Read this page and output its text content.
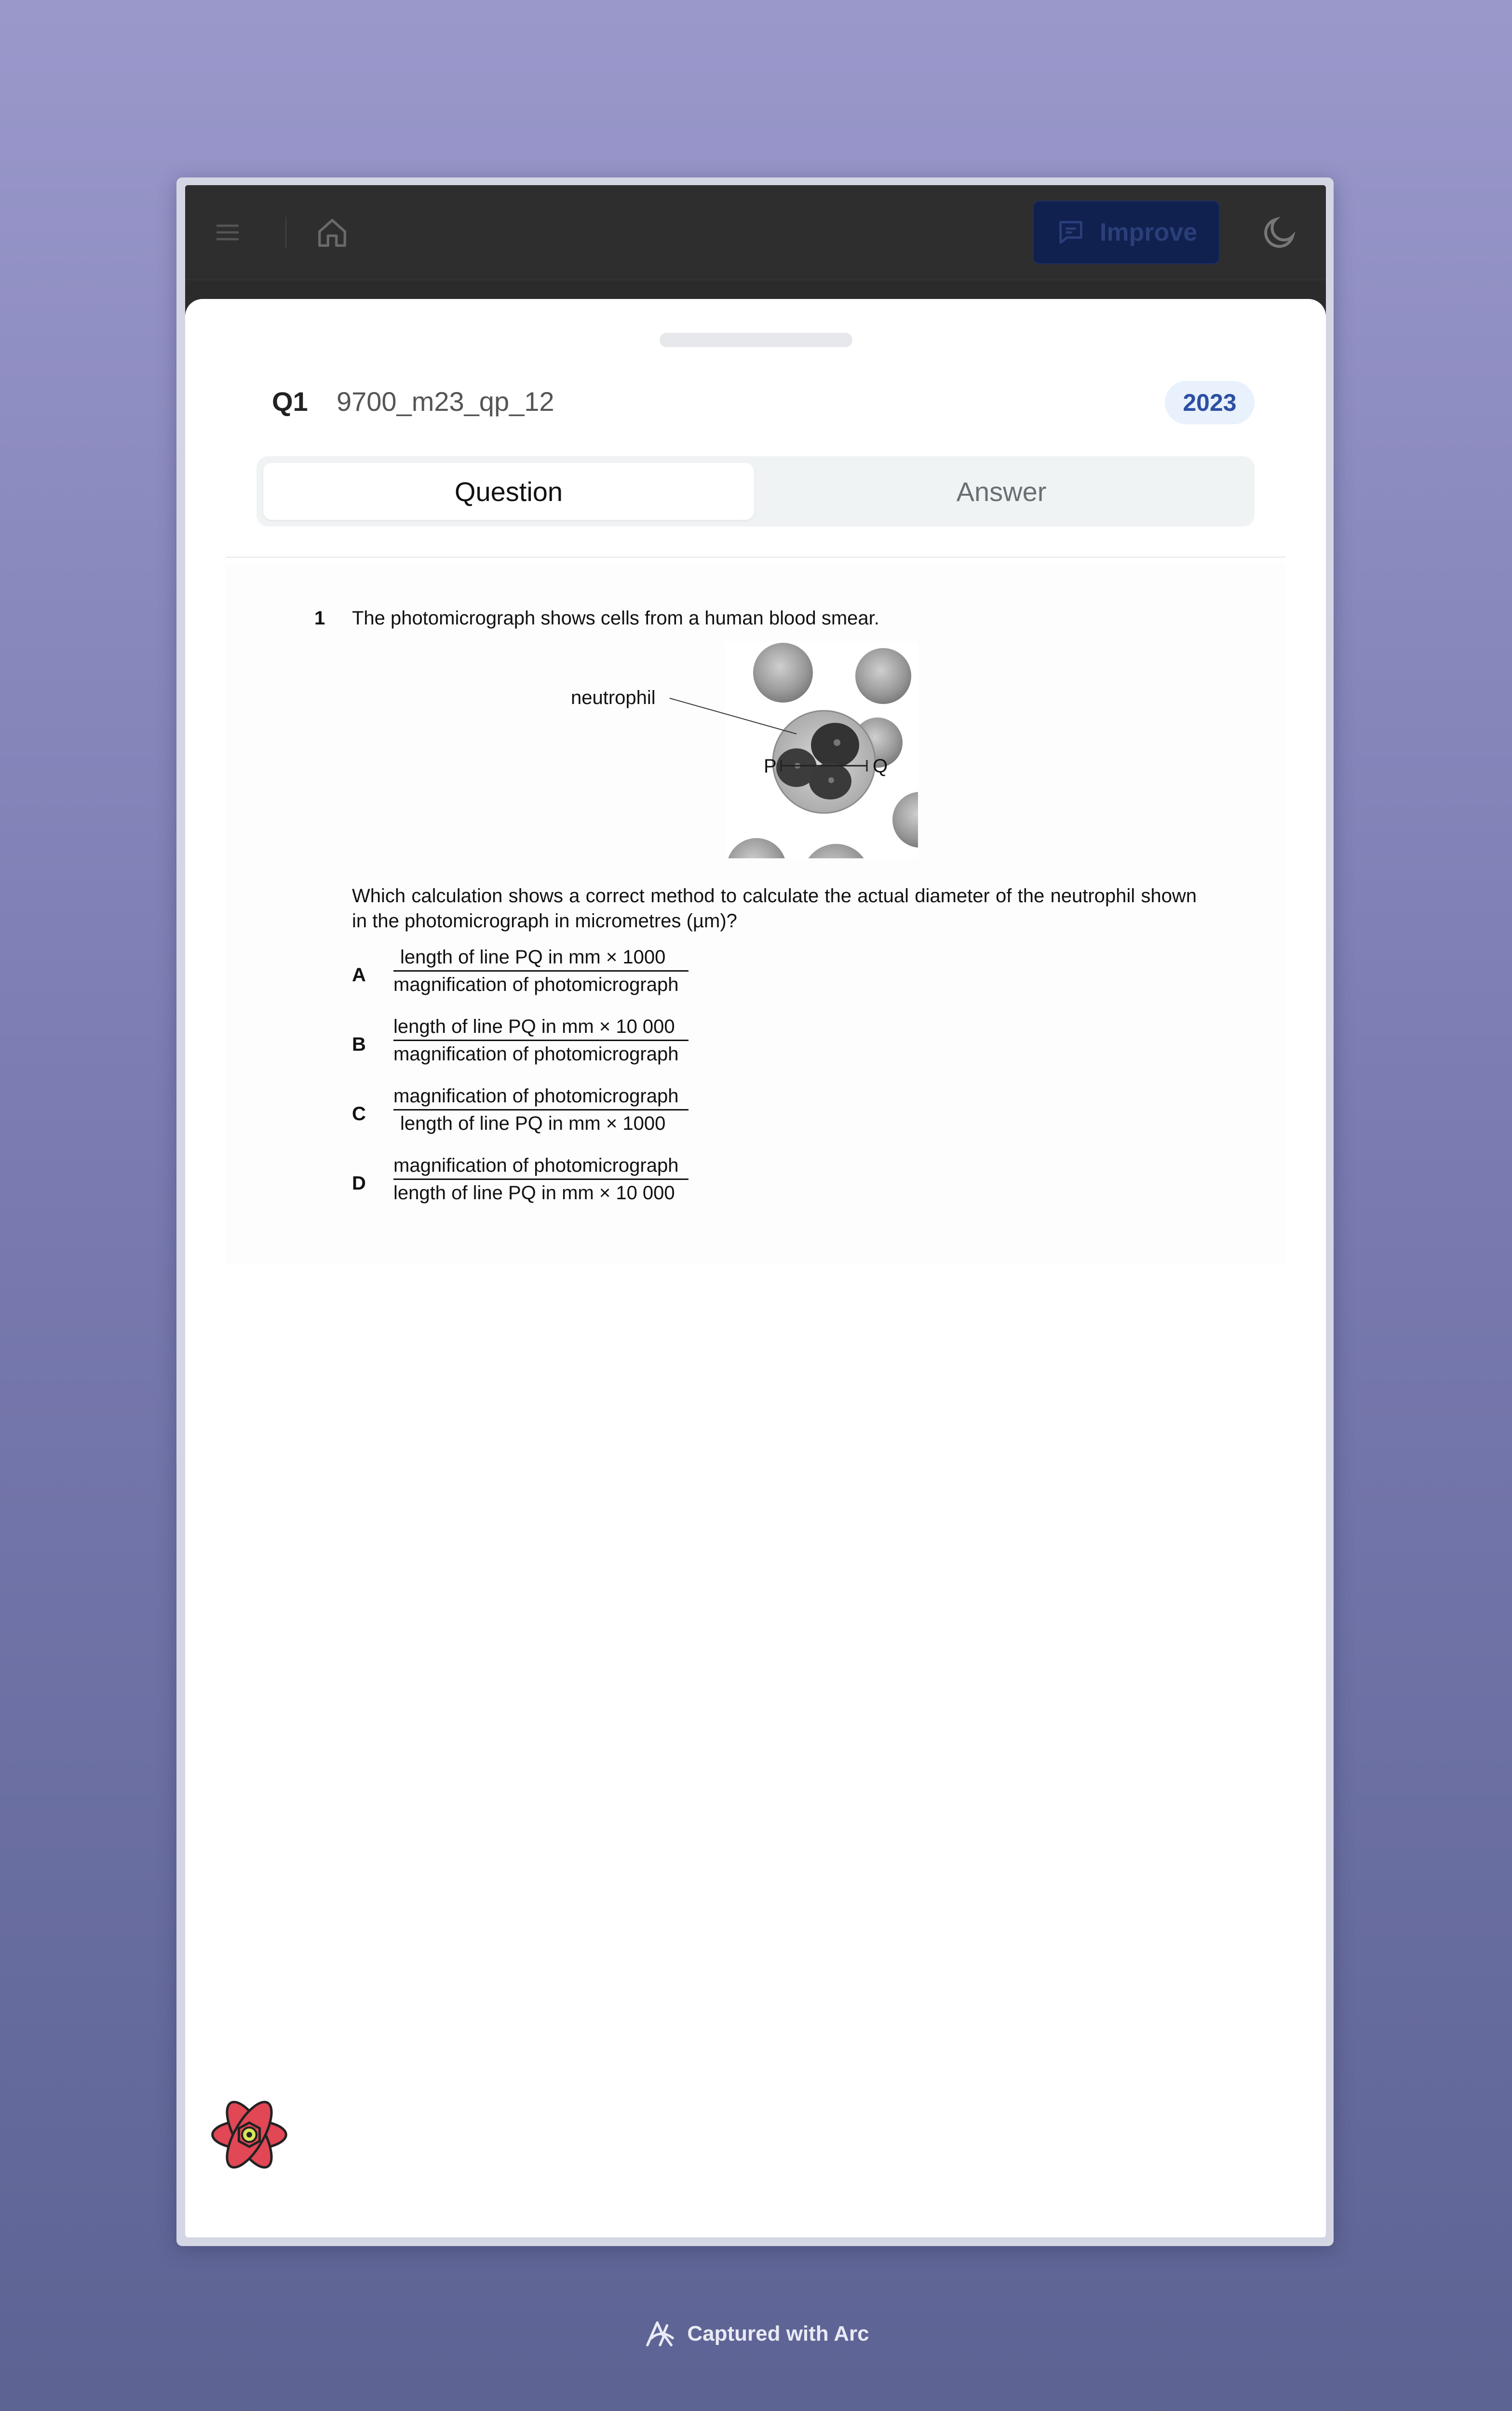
Improve
Q1 9700_m23_qp_12	2023
Question	Answer
1 The photomicrograph shows cells from a human blood smear.
neutrophil
P	Q
Which calculation shows a correct method to calculate the actual diameter of the neutrophil shown in the photomicrograph in micrometres (µm)?
A
length of line PQ in mm × 1000
magnification of photomicrograph
B
length of line PQ in mm × 10 000
magnification of photomicrograph
C
magnification of photomicrograph
length of line PQ in mm × 1000
D
magnification of photomicrograph
length of line PQ in mm × 10 000
Captured with Arc
